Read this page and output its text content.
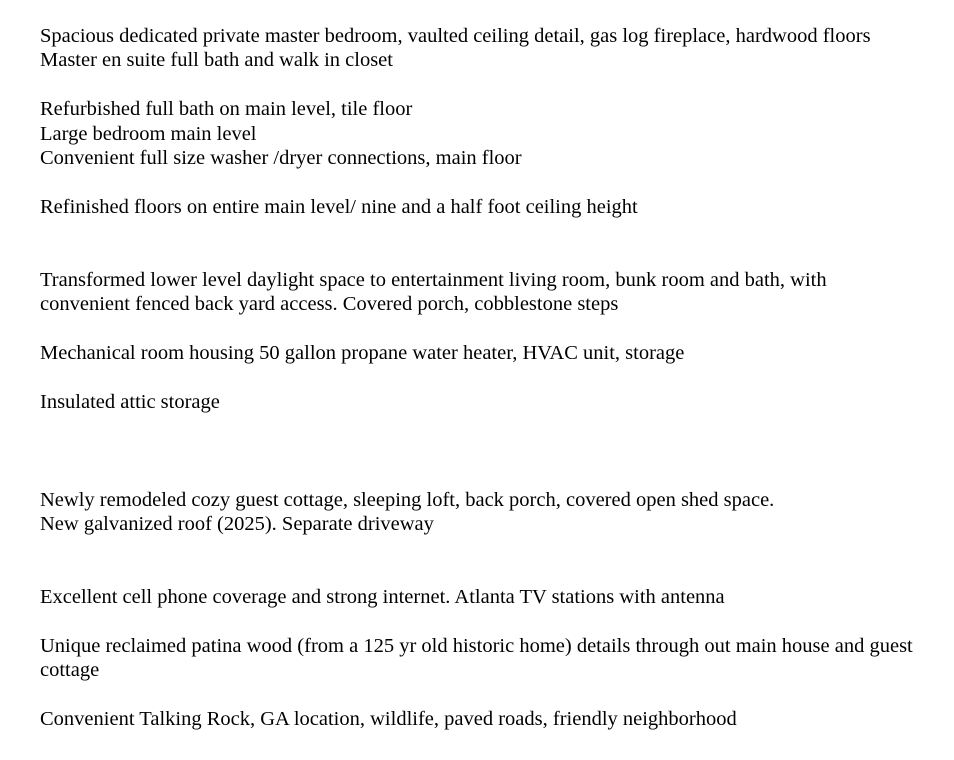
Spacious dedicated private master bedroom, vaulted ceiling detail, gas log fireplace, hardwood floors
Master en suite full bath and walk in closet
Refurbished full bath on main level, tile floor
Large bedroom main level
Convenient full size washer /dryer connections, main floor
Refinished floors on entire main level/ nine and a half foot ceiling height
Transformed lower level daylight space to entertainment living room, bunk room and bath, with convenient fenced back yard access. Covered porch, cobblestone steps
Mechanical room housing 50 gallon propane water heater, HVAC unit, storage
Insulated attic storage
Newly remodeled cozy guest cottage, sleeping loft, back porch, covered open shed space.
New galvanized roof (2025). Separate driveway
Excellent cell phone coverage and strong internet. Atlanta TV stations with antenna
Unique reclaimed patina wood (from a 125 yr old historic home) details through out main house and guest cottage
Convenient Talking Rock, GA location, wildlife, paved roads, friendly neighborhood
